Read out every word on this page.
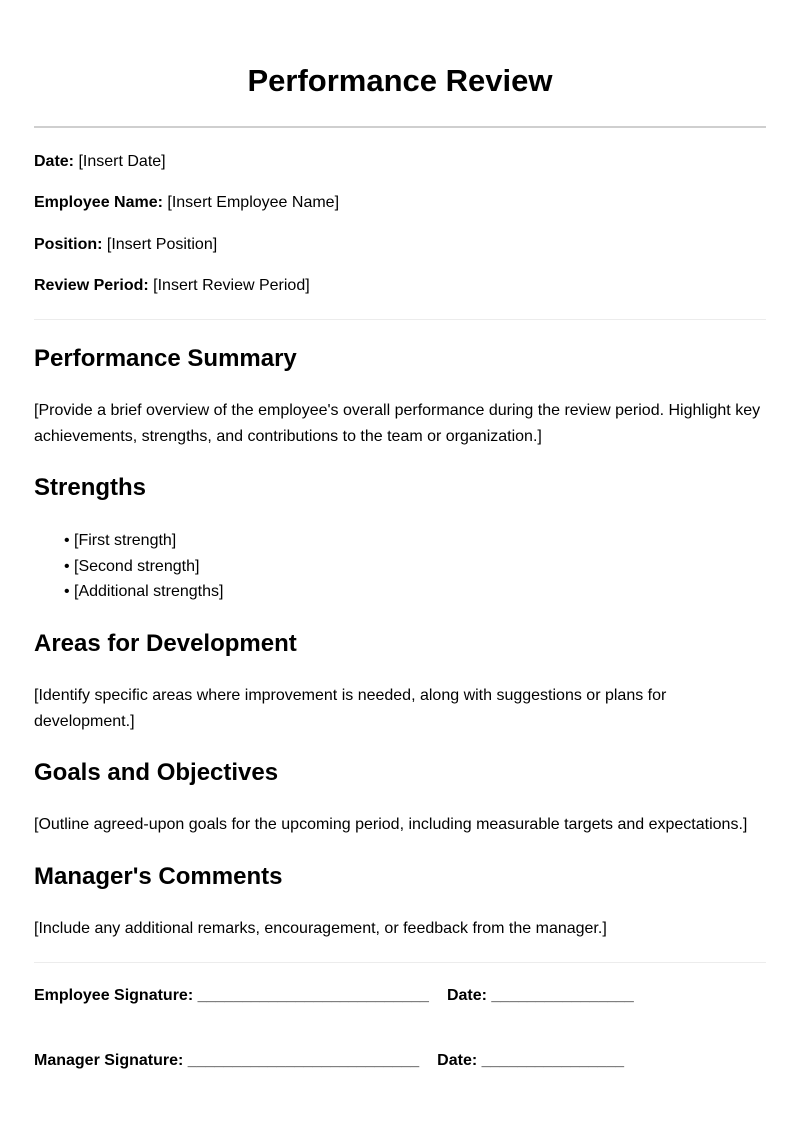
Performance Review
Date: [Insert Date]
Employee Name: [Insert Employee Name]
Position: [Insert Position]
Review Period: [Insert Review Period]
Performance Summary

[Provide a brief overview of the employee's overall performance during the review period. Highlight key achievements, strengths, and contributions to the team or organization.]

Strengths
• [First strength]
• [Second strength]
• [Additional strengths]
Areas for Development

[Identify specific areas where improvement is needed, along with suggestions or plans for development.]

Goals and Objectives

[Outline agreed-upon goals for the upcoming period, including measurable targets and expectations.]

Manager's Comments

[Include any additional remarks, encouragement, or feedback from the manager.]

Employee Signature: __________________________ Date: ________________
Manager Signature: __________________________ Date: ________________
